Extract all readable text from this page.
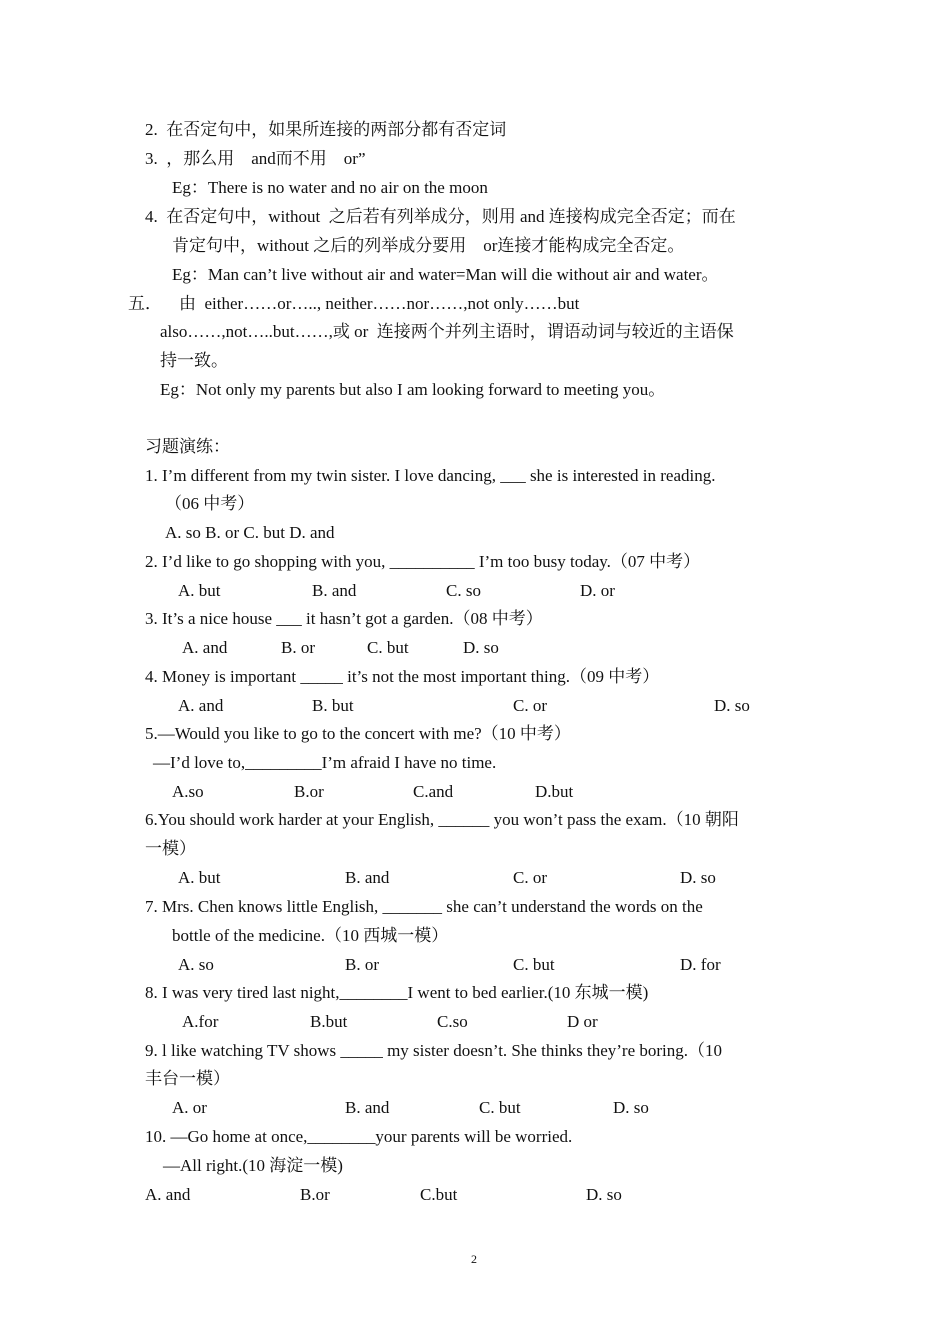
2.  在否定句中，如果所连接的两部分都有否定词
3.  ，那么用    and而不用    or”
Eg：There is no water and no air on the moon
4.  在否定句中，without  之后若有列举成分，则用 and 连接构成完全否定；而在
肯定句中，without 之后的列举成分要用    or连接才能构成完全否定。
Eg：Man can’t live without air and water=Man will die without air and water。
五．    由  either……or….., neither……nor……,not only……but
also……,not…..but……,或 or  连接两个并列主语时，谓语动词与较近的主语保
持一致。
Eg：Not only my parents but also I am looking forward to meeting you。
习题演练：
1. I’m different from my twin sister. I love dancing, ___ she is interested in reading.
（06 中考）
A. so B. or C. but D. and
2. I’d like to go shopping with you, __________ I’m too busy today.（07 中考）
A. but	B. and	C. so	D. or
3. It’s a nice house ___ it hasn’t got a garden.（08 中考）
A. and	B. or	C. but	D. so
4. Money is important _____ it’s not the most important thing.（09 中考）
A. and	B. but	C. or	D. so
5.—Would you like to go to the concert with me?（10 中考）
—I’d love to,_________I’m afraid I have no time.
A.so	B.or	C.and	D.but
6.You should work harder at your English, ______ you won’t pass the exam.（10 朝阳
一模）
A. but	B. and	C. or	D. so
7. Mrs. Chen knows little English, _______ she can’t understand the words on the
bottle of the medicine.（10 西城一模）
A. so	B. or	C. but	D. for
8. I was very tired last night,________I went to bed earlier.(10 东城一模)
A.for	B.but	C.so	D or
9. l like watching TV shows _____ my sister doesn’t. She thinks they’re boring.（10
丰台一模）
A. or	B. and	C. but	D. so
10. —Go home at once,________your parents will be worried.
—All right.(10 海淀一模)
A. and	B.or	C.but	D. so
2
